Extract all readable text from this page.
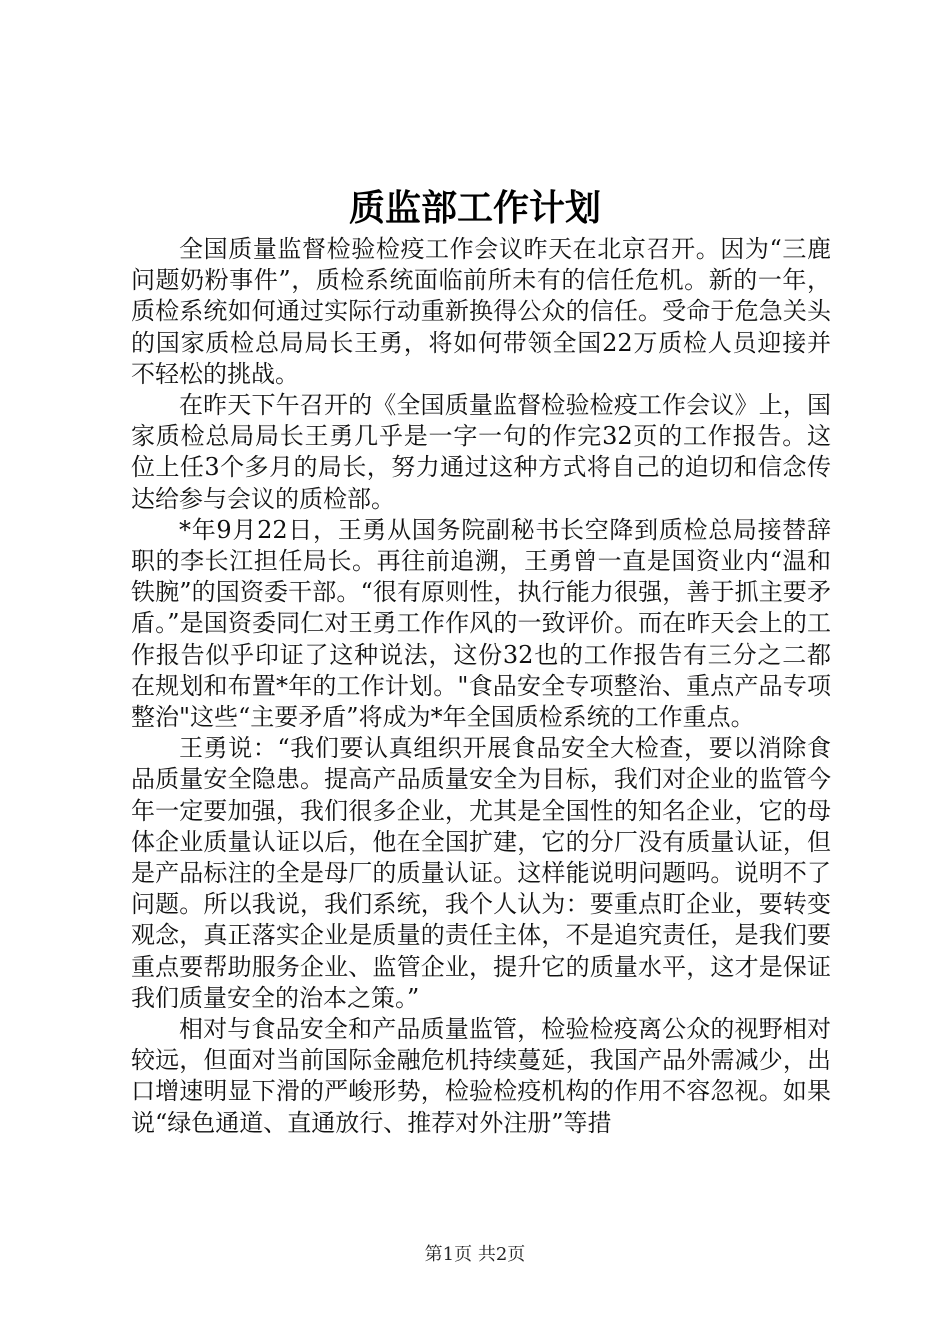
质监部工作计划

全国质量监督检验检疫工作会议昨天在北京召开。因为“三鹿问题奶粉事件”，质检系统面临前所未有的信任危机。新的一年，质检系统如何通过实际行动重新换得公众的信任。受命于危急关头的国家质检总局局长王勇，将如何带领全国22万质检人员迎接并不轻松的挑战。

在昨天下午召开的《全国质量监督检验检疫工作会议》上，国家质检总局局长王勇几乎是一字一句的作完32页的工作报告。这位上任3个多月的局长，努力通过这种方式将自己的迫切和信念传达给参与会议的质检部。

*年9月22日，王勇从国务院副秘书长空降到质检总局接替辞职的李长江担任局长。再往前追溯，王勇曾一直是国资业内“温和铁腕”的国资委干部。“很有原则性，执行能力很强，善于抓主要矛盾。”是国资委同仁对王勇工作作风的一致评价。而在昨天会上的工作报告似乎印证了这种说法，这份32也的工作报告有三分之二都在规划和布置*年的工作计划。"食品安全专项整治、重点产品专项整治"这些“主要矛盾”将成为*年全国质检系统的工作重点。

王勇说：“我们要认真组织开展食品安全大检查，要以消除食品质量安全隐患。提高产品质量安全为目标，我们对企业的监管今年一定要加强，我们很多企业，尤其是全国性的知名企业，它的母体企业质量认证以后，他在全国扩建，它的分厂没有质量认证，但是产品标注的全是母厂的质量认证。这样能说明问题吗。说明不了问题。所以我说，我们系统，我个人认为：要重点盯企业，要转变观念，真正落实企业是质量的责任主体，不是追究责任，是我们要重点要帮助服务企业、监管企业，提升它的质量水平，这才是保证我们质量安全的治本之策。”

相对与食品安全和产品质量监管，检验检疫离公众的视野相对较远，但面对当前国际金融危机持续蔓延，我国产品外需减少，出口增速明显下滑的严峻形势，检验检疫机构的作用不容忽视。如果说“绿色通道、直通放行、推荐对外注册”等措

第1页 共2页
